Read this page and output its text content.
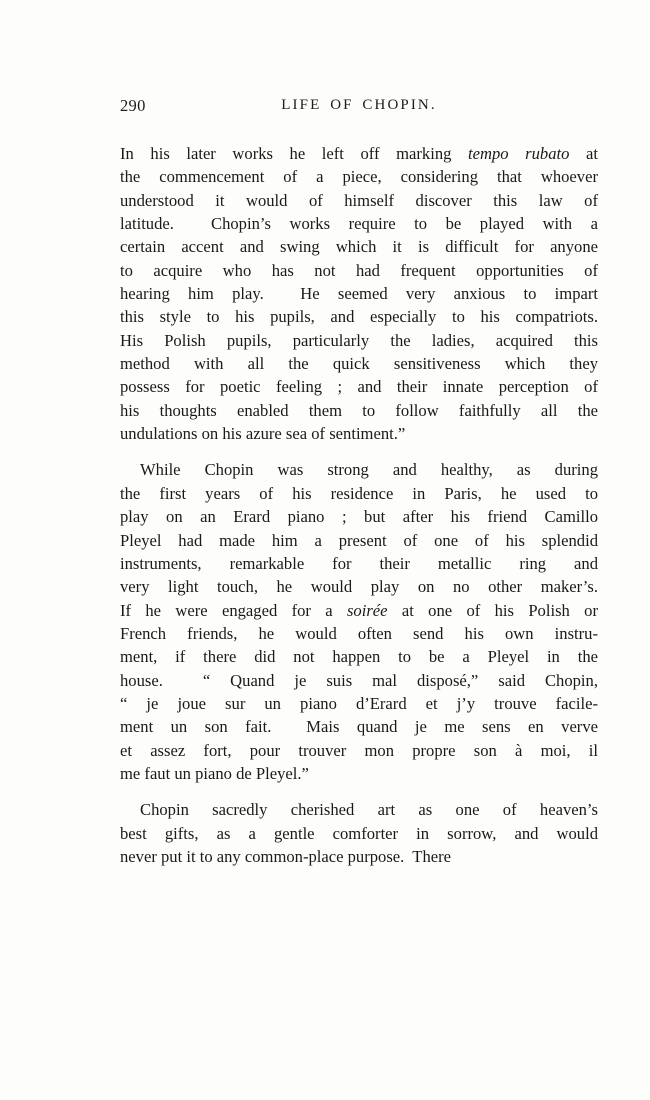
290	LIFE OF CHOPIN.

In his later works he left off marking tempo rubato at
the commencement of a piece, considering that whoever
understood it would of himself discover this law of
latitude.  Chopin’s works require to be played with a
certain accent and swing which it is difficult for anyone
to acquire who has not had frequent opportunities of
hearing him play.  He seemed very anxious to impart
this style to his pupils, and especially to his compatriots.
His Polish pupils, particularly the ladies, acquired this
method with all the quick sensitiveness which they
possess for poetic feeling ; and their innate perception of
his thoughts enabled them to follow faithfully all the
undulations on his azure sea of sentiment.”

While Chopin was strong and healthy, as during
the first years of his residence in Paris, he used to
play on an Erard piano ; but after his friend Camillo
Pleyel had made him a present of one of his splendid
instruments, remarkable for their metallic ring and
very light touch, he would play on no other maker’s.
If he were engaged for a soirée at one of his Polish or
French friends, he would often send his own instru-
ment, if there did not happen to be a Pleyel in the
house.  “ Quand je suis mal disposé,” said Chopin,
“ je joue sur un piano d’Erard et j’y trouve facile-
ment un son fait.  Mais quand je me sens en verve
et assez fort, pour trouver mon propre son à moi, il
me faut un piano de Pleyel.”

Chopin sacredly cherished art as one of heaven’s
best gifts, as a gentle comforter in sorrow, and would
never put it to any common-place purpose.  There
